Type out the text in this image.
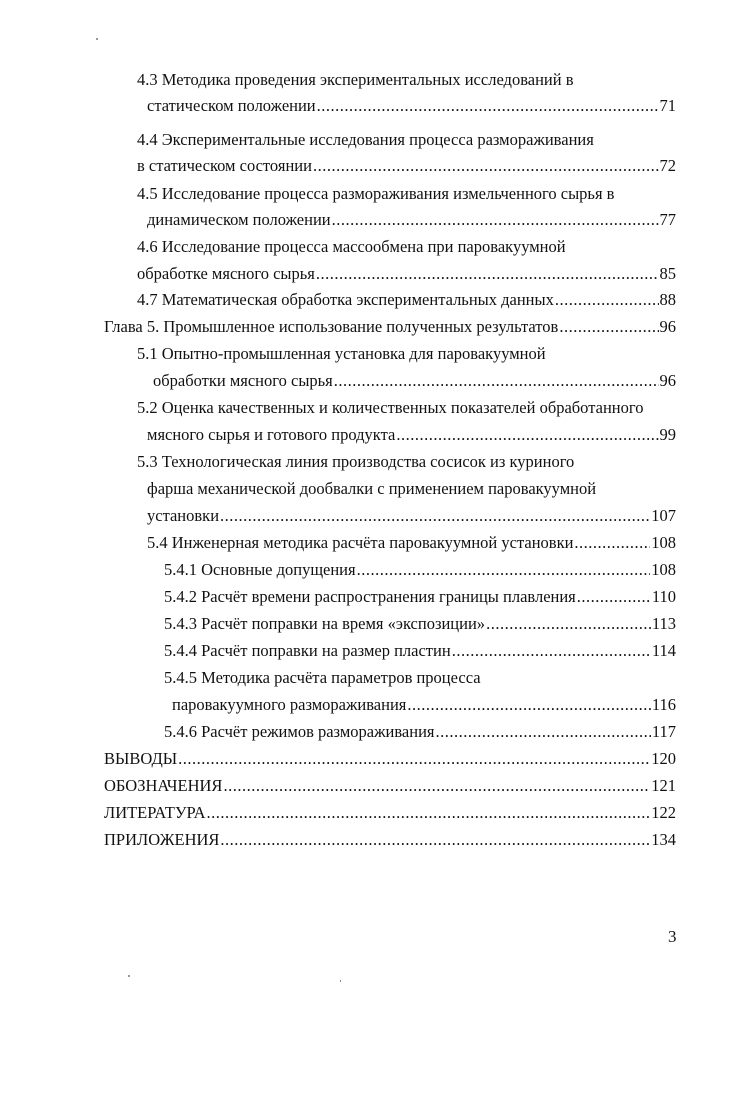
4.3 Методика проведения экспериментальных исследований в
статическом положении .....	71
4.4 Экспериментальные исследования процесса размораживания
в статическом состоянии .....	72
4.5 Исследование процесса размораживания измельченного сырья в
динамическом положении .....	77
4.6 Исследование процесса массообмена при паровакуумной
обработке мясного сырья .....	85
4.7 Математическая обработка экспериментальных данных .....	88
Глава 5. Промышленное использование полученных результатов .....	96
5.1 Опытно-промышленная установка для паровакуумной
обработки мясного сырья .....	96
5.2 Оценка качественных и количественных показателей обработанного
мясного сырья и готового продукта .....	99
5.3 Технологическая линия производства сосисок из куриного
фарша механической дообвалки с применением паровакуумной
установки .....	107
5.4 Инженерная методика расчёта паровакуумной установки .....	108
5.4.1 Основные допущения .....	108
5.4.2 Расчёт времени распространения границы плавления .....	110
5.4.3 Расчёт поправки на время «экспозиции» .....	113
5.4.4 Расчёт поправки на размер пластин .....	114
5.4.5 Методика расчёта параметров процесса
паровакуумного размораживания .....	116
5.4.6 Расчёт режимов размораживания .....	117
ВЫВОДЫ .....	120
ОБОЗНАЧЕНИЯ .....	121
ЛИТЕРАТУРА .....	122
ПРИЛОЖЕНИЯ .....	134
3
